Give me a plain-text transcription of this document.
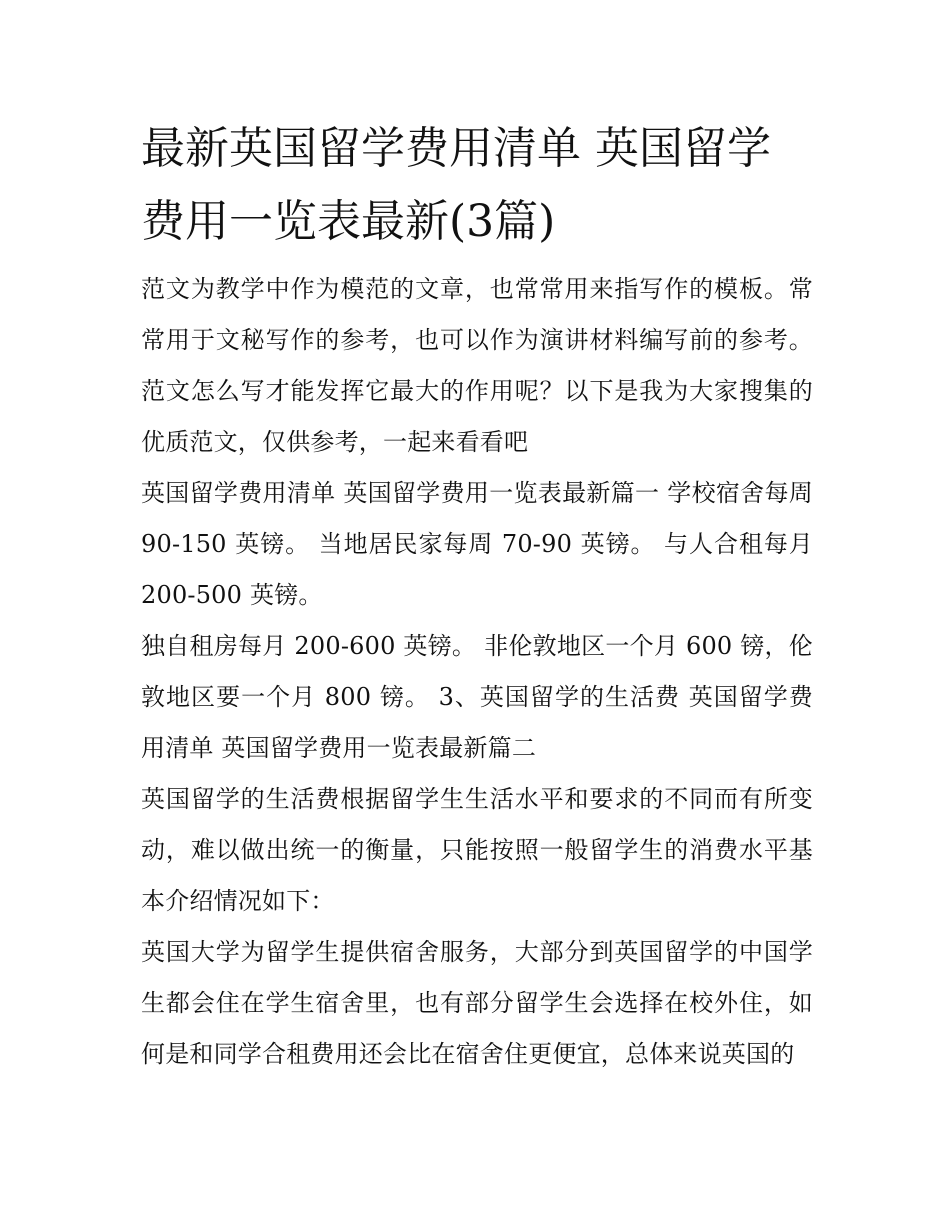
最新英国留学费用清单 英国留学费用一览表最新(3篇)

范文为教学中作为模范的文章，也常常用来指写作的模板。常常用于文秘写作的参考，也可以作为演讲材料编写前的参考。范文怎么写才能发挥它最大的作用呢？以下是我为大家搜集的优质范文，仅供参考，一起来看看吧

英国留学费用清单 英国留学费用一览表最新篇一 学校宿舍每周 90-150 英镑。 当地居民家每周 70-90 英镑。 与人合租每月 200-500 英镑。

独自租房每月 200-600 英镑。 非伦敦地区一个月 600 镑，伦敦地区要一个月 800 镑。 3、英国留学的生活费 英国留学费用清单 英国留学费用一览表最新篇二

英国留学的生活费根据留学生生活水平和要求的不同而有所变动，难以做出统一的衡量，只能按照一般留学生的消费水平基本介绍情况如下：

英国大学为留学生提供宿舍服务，大部分到英国留学的中国学生都会住在学生宿舍里，也有部分留学生会选择在校外住，如何是和同学合租费用还会比在宿舍住更便宜，总体来说英国的
